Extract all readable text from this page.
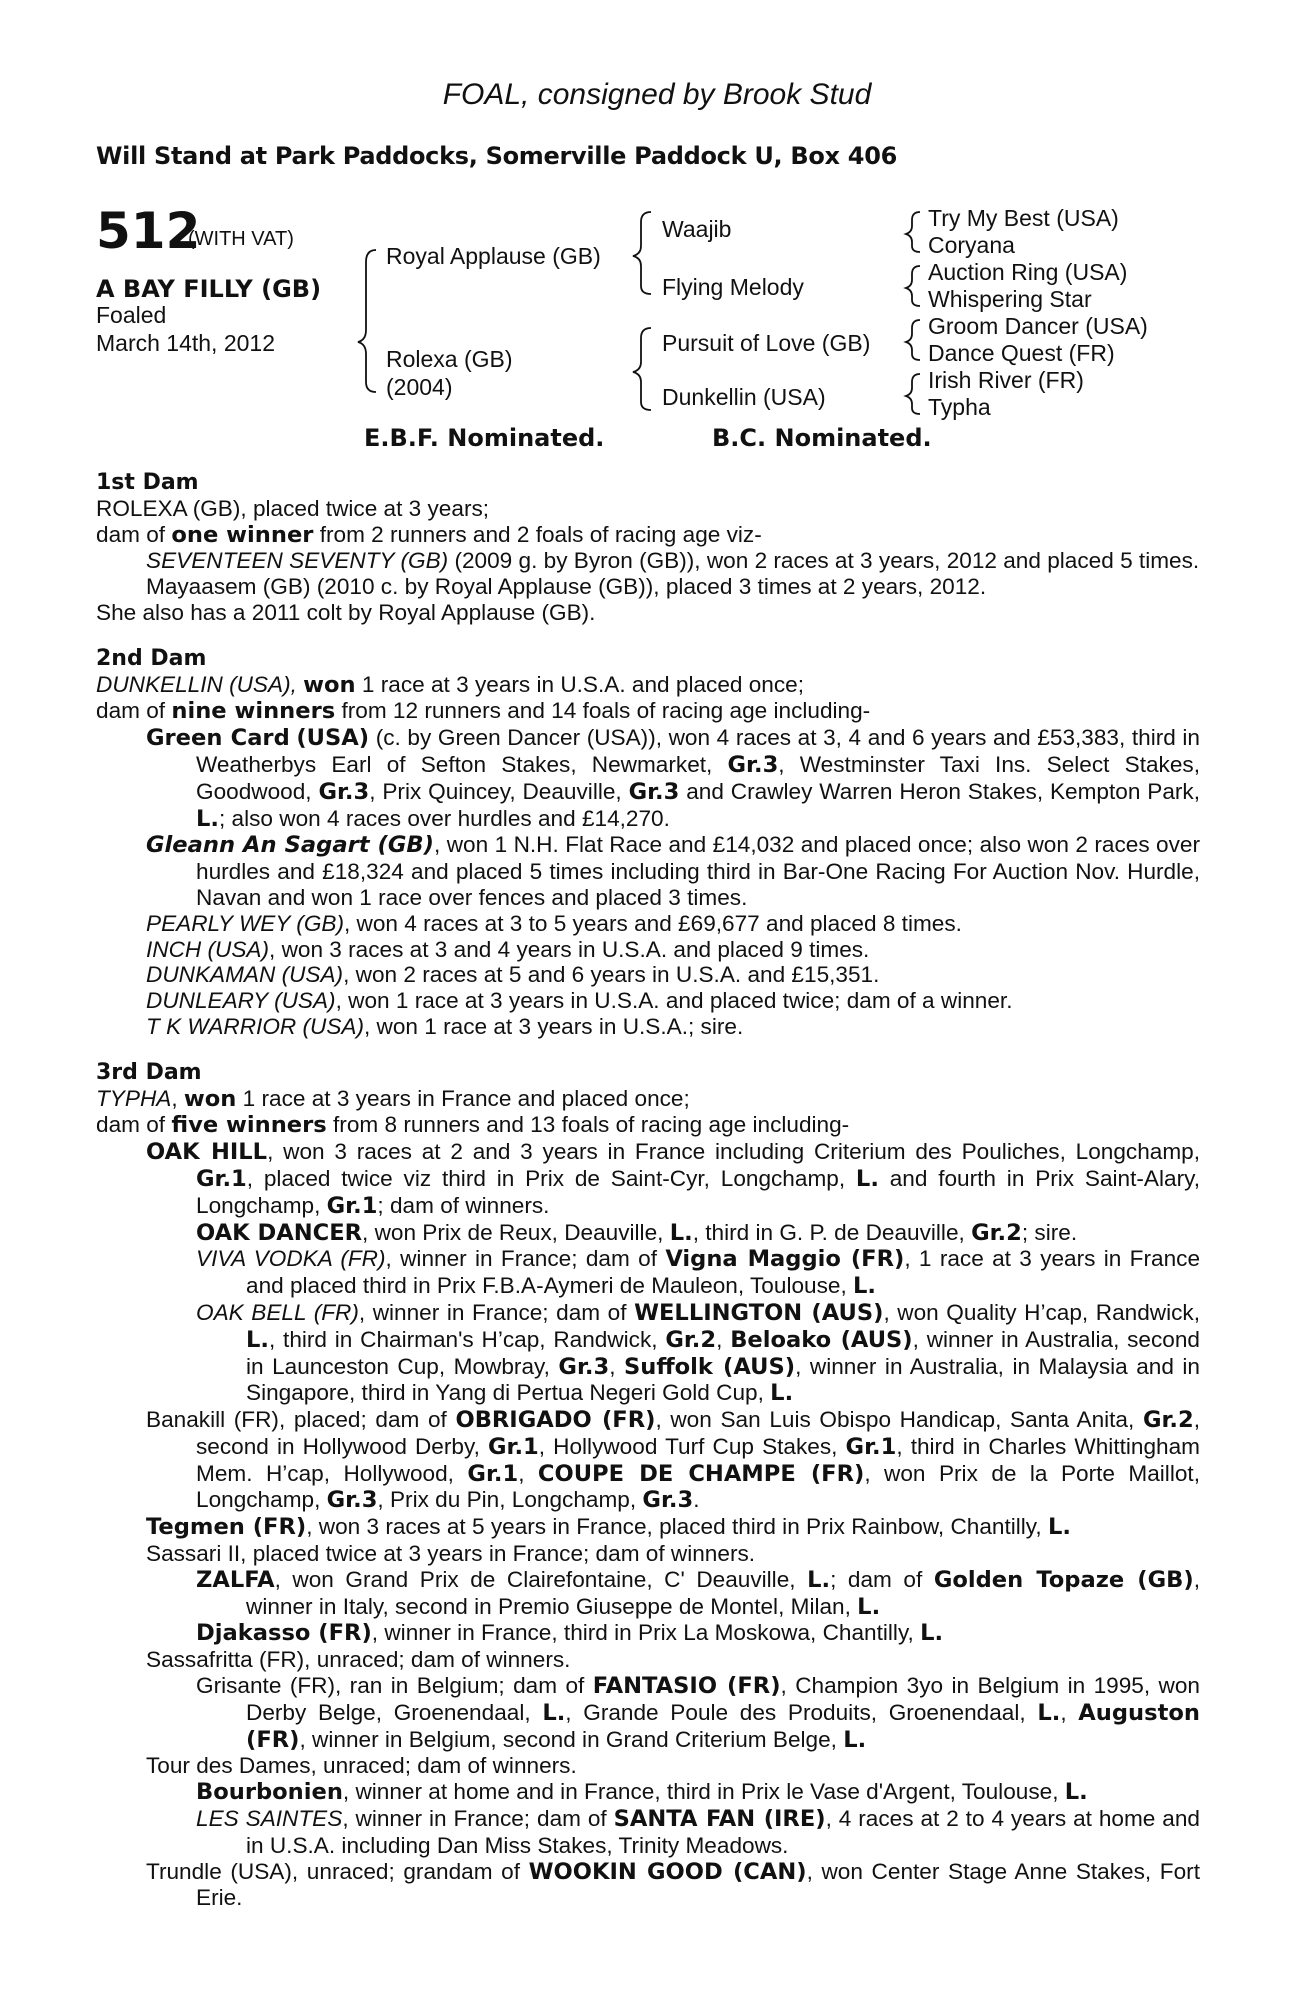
FOAL, consigned by Brook Stud
Will Stand at Park Paddocks, Somerville Paddock U, Box 406
512
(WITH VAT)
A BAY FILLY (GB)
Foaled
March 14th, 2012
Royal Applause (GB)
Rolexa (GB)
(2004)
Waajib
Flying Melody
Pursuit of Love (GB)
Dunkellin (USA)
Try My Best (USA)
Coryana
Auction Ring (USA)
Whispering Star
Groom Dancer (USA)
Dance Quest (FR)
Irish River (FR)
Typha
E.B.F. Nominated.	B.C. Nominated.
1st Dam
ROLEXA (GB), placed twice at 3 years;
dam of one winner from 2 runners and 2 foals of racing age viz-
SEVENTEEN SEVENTY (GB) (2009 g. by Byron (GB)), won 2 races at 3 years, 2012 and placed 5 times.
Mayaasem (GB) (2010 c. by Royal Applause (GB)), placed 3 times at 2 years, 2012.
She also has a 2011 colt by Royal Applause (GB).
2nd Dam
DUNKELLIN (USA), won 1 race at 3 years in U.S.A. and placed once;
dam of nine winners from 12 runners and 14 foals of racing age including-
Green Card (USA) (c. by Green Dancer (USA)), won 4 races at 3, 4 and 6 years and £53,383, third in Weatherbys Earl of Sefton Stakes, Newmarket, Gr.3, Westminster Taxi Ins. Select Stakes, Goodwood, Gr.3, Prix Quincey, Deauville, Gr.3 and Crawley Warren Heron Stakes, Kempton Park, L.; also won 4 races over hurdles and £14,270.
Gleann An Sagart (GB), won 1 N.H. Flat Race and £14,032 and placed once; also won 2 races over hurdles and £18,324 and placed 5 times including third in Bar-One Racing For Auction Nov. Hurdle, Navan and won 1 race over fences and placed 3 times.
PEARLY WEY (GB), won 4 races at 3 to 5 years and £69,677 and placed 8 times.
INCH (USA), won 3 races at 3 and 4 years in U.S.A. and placed 9 times.
DUNKAMAN (USA), won 2 races at 5 and 6 years in U.S.A. and £15,351.
DUNLEARY (USA), won 1 race at 3 years in U.S.A. and placed twice; dam of a winner.
T K WARRIOR (USA), won 1 race at 3 years in U.S.A.; sire.
3rd Dam
TYPHA, won 1 race at 3 years in France and placed once;
dam of five winners from 8 runners and 13 foals of racing age including-
OAK HILL, won 3 races at 2 and 3 years in France including Criterium des Pouliches, Longchamp, Gr.1, placed twice viz third in Prix de Saint-Cyr, Longchamp, L. and fourth in Prix Saint-Alary, Longchamp, Gr.1; dam of winners.
OAK DANCER, won Prix de Reux, Deauville, L., third in G. P. de Deauville, Gr.2; sire.
VIVA VODKA (FR), winner in France; dam of Vigna Maggio (FR), 1 race at 3 years in France and placed third in Prix F.B.A-Aymeri de Mauleon, Toulouse, L.
OAK BELL (FR), winner in France; dam of WELLINGTON (AUS), won Quality H’cap, Randwick, L., third in Chairman's H’cap, Randwick, Gr.2, Beloako (AUS), winner in Australia, second in Launceston Cup, Mowbray, Gr.3, Suffolk (AUS), winner in Australia, in Malaysia and in Singapore, third in Yang di Pertua Negeri Gold Cup, L.
Banakill (FR), placed; dam of OBRIGADO (FR), won San Luis Obispo Handicap, Santa Anita, Gr.2, second in Hollywood Derby, Gr.1, Hollywood Turf Cup Stakes, Gr.1, third in Charles Whittingham Mem. H’cap, Hollywood, Gr.1, COUPE DE CHAMPE (FR), won Prix de la Porte Maillot, Longchamp, Gr.3, Prix du Pin, Longchamp, Gr.3.
Tegmen (FR), won 3 races at 5 years in France, placed third in Prix Rainbow, Chantilly, L.
Sassari II, placed twice at 3 years in France; dam of winners.
ZALFA, won Grand Prix de Clairefontaine, C' Deauville, L.; dam of Golden Topaze (GB), winner in Italy, second in Premio Giuseppe de Montel, Milan, L.
Djakasso (FR), winner in France, third in Prix La Moskowa, Chantilly, L.
Sassafritta (FR), unraced; dam of winners.
Grisante (FR), ran in Belgium; dam of FANTASIO (FR), Champion 3yo in Belgium in 1995, won Derby Belge, Groenendaal, L., Grande Poule des Produits, Groenendaal, L., Auguston (FR), winner in Belgium, second in Grand Criterium Belge, L.
Tour des Dames, unraced; dam of winners.
Bourbonien, winner at home and in France, third in Prix le Vase d'Argent, Toulouse, L.
LES SAINTES, winner in France; dam of SANTA FAN (IRE), 4 races at 2 to 4 years at home and in U.S.A. including Dan Miss Stakes, Trinity Meadows.
Trundle (USA), unraced; grandam of WOOKIN GOOD (CAN), won Center Stage Anne Stakes, Fort Erie.
